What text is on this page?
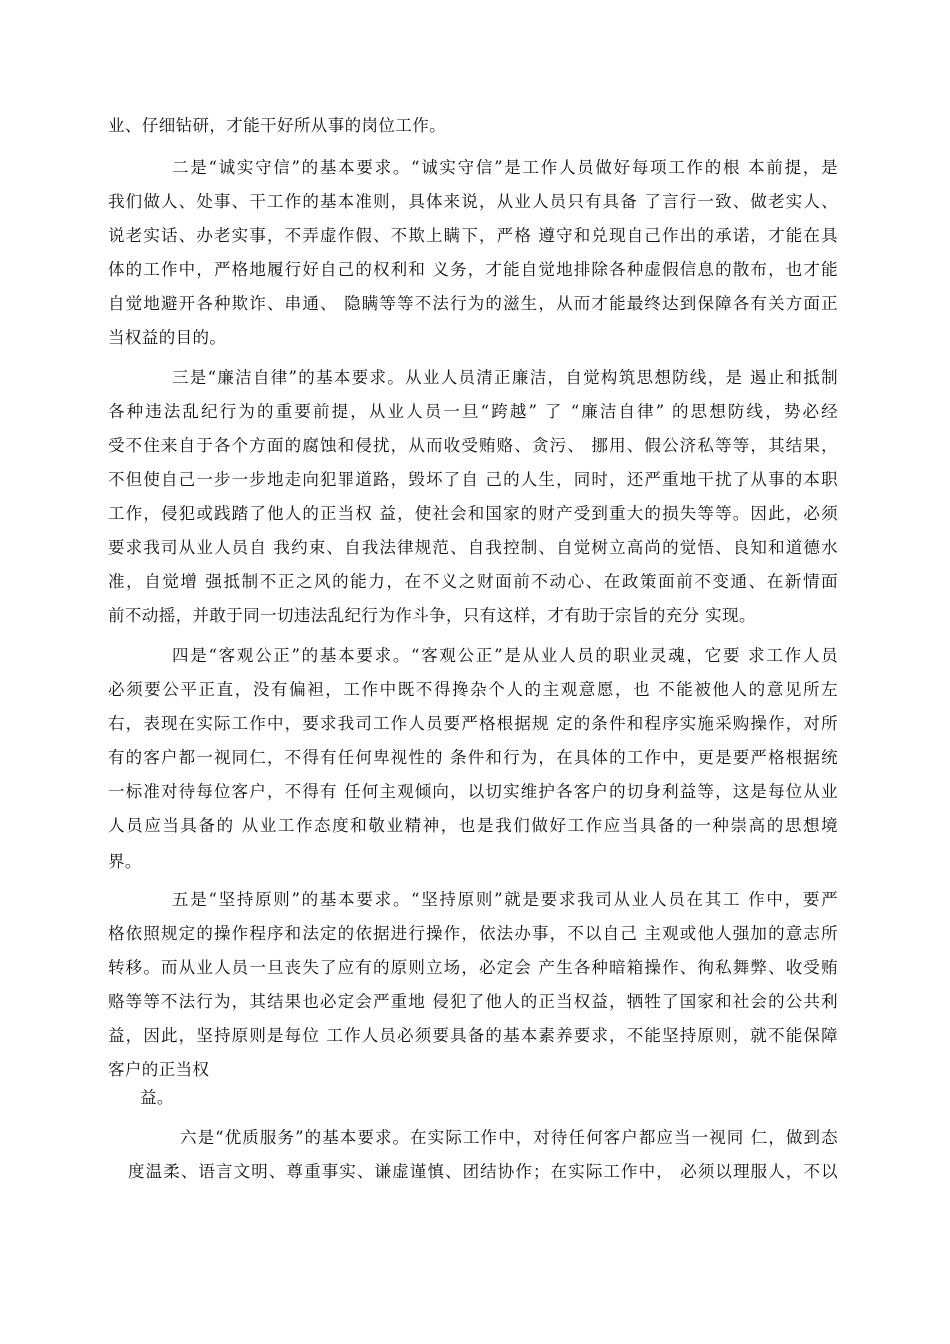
业、仔细钻研，才能干好所从事的岗位工作。
二是“诚实守信”的基本要求。“诚实守信”是工作人员做好每项工作的根 本前提，是
我们做人、处事、干工作的基本准则，具体来说，从业人员只有具备 了言行一致、做老实人、
说老实话、办老实事，不弄虚作假、不欺上瞒下，严格 遵守和兑现自己作出的承诺，才能在具
体的工作中，严格地履行好自己的权利和 义务，才能自觉地排除各种虚假信息的散布，也才能
自觉地避开各种欺诈、串通、 隐瞒等等不法行为的滋生，从而才能最终达到保障各有关方面正
当权益的目的。
三是“廉洁自律”的基本要求。从业人员清正廉洁，自觉构筑思想防线，是 遏止和抵制
各种违法乱纪行为的重要前提，从业人员一旦“跨越” 了 “廉洁自律” 的思想防线，势必经
受不住来自于各个方面的腐蚀和侵扰，从而收受贿赂、贪污、 挪用、假公济私等等，其结果，
不但使自己一步一步地走向犯罪道路，毁坏了自 己的人生，同时，还严重地干扰了从事的本职
工作，侵犯或践踏了他人的正当权 益，使社会和国家的财产受到重大的损失等等。因此，必须
要求我司从业人员自 我约束、自我法律规范、自我控制、自觉树立高尚的觉悟、良知和道德水
准，自觉增 强抵制不正之风的能力，在不义之财面前不动心、在政策面前不变通、在新情面
前不动摇，并敢于同一切违法乱纪行为作斗争，只有这样，才有助于宗旨的充分 实现。
四是“客观公正”的基本要求。“客观公正”是从业人员的职业灵魂，它要 求工作人员
必须要公平正直，没有偏袒，工作中既不得搀杂个人的主观意愿，也 不能被他人的意见所左
右，表现在实际工作中，要求我司工作人员要严格根据规 定的条件和程序实施采购操作，对所
有的客户都一视同仁，不得有任何卑视性的 条件和行为，在具体的工作中，更是要严格根据统
一标准对待每位客户，不得有 任何主观倾向，以切实维护各客户的切身利益等，这是每位从业
人员应当具备的 从业工作态度和敬业精神，也是我们做好工作应当具备的一种崇高的思想境
界。
五是“坚持原则”的基本要求。“坚持原则”就是要求我司从业人员在其工 作中，要严
格依照规定的操作程序和法定的依据进行操作，依法办事，不以自己 主观或他人强加的意志所
转移。而从业人员一旦丧失了应有的原则立场，必定会 产生各种暗箱操作、徇私舞弊、收受贿
赂等等不法行为，其结果也必定会严重地 侵犯了他人的正当权益，牺牲了国家和社会的公共利
益，因此，坚持原则是每位 工作人员必须要具备的基本素养要求，不能坚持原则，就不能保障
客户的正当权
益。
六是“优质服务”的基本要求。在实际工作中，对待任何客户都应当一视同 仁，做到态
度温柔、语言文明、尊重事实、谦虚谨慎、团结协作；在实际工作中， 必须以理服人，不以
